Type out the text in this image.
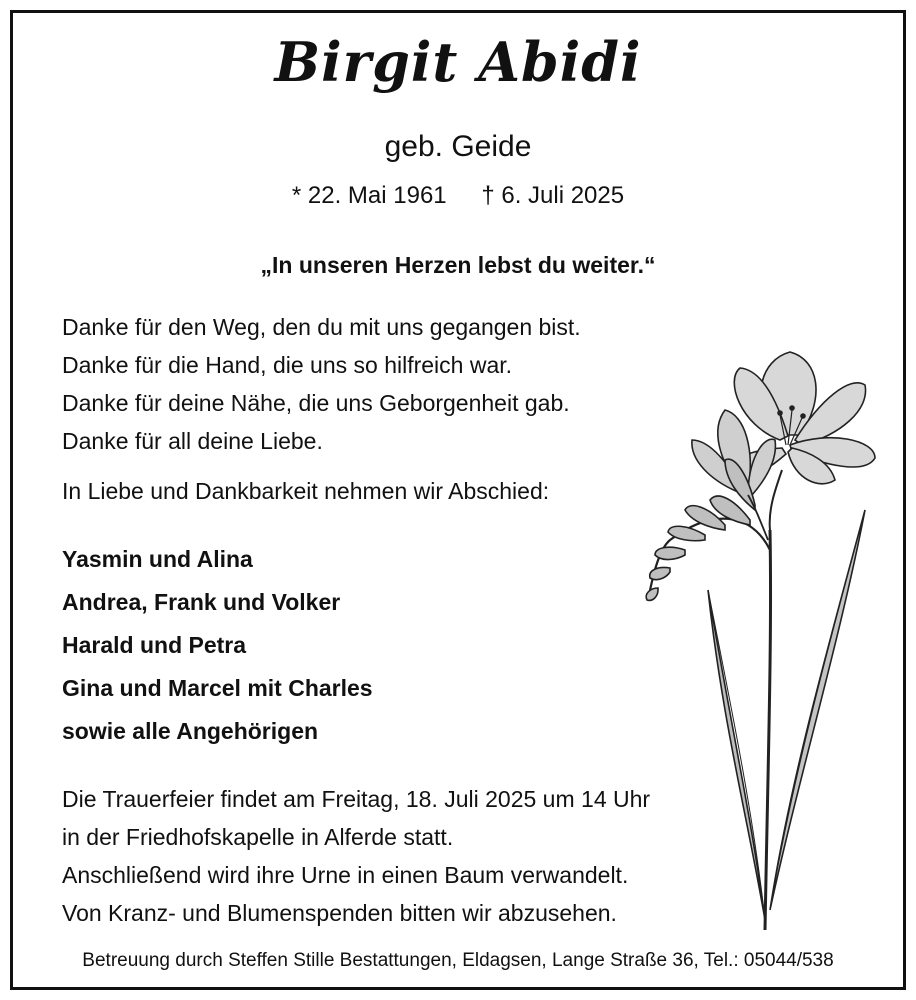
Birgit Abidi
geb. Geide
* 22. Mai 1961 † 6. Juli 2025
„In unseren Herzen lebst du weiter.“
Danke für den Weg, den du mit uns gegangen bist.
Danke für die Hand, die uns so hilfreich war.
Danke für deine Nähe, die uns Geborgenheit gab.
Danke für all deine Liebe.
In Liebe und Dankbarkeit nehmen wir Abschied:
Yasmin und Alina
Andrea, Frank und Volker
Harald und Petra
Gina und Marcel mit Charles
sowie alle Angehörigen
Die Trauerfeier findet am Freitag, 18. Juli 2025 um 14 Uhr
in der Friedhofskapelle in Alferde statt.
Anschließend wird ihre Urne in einen Baum verwandelt.
Von Kranz- und Blumenspenden bitten wir abzusehen.
Betreuung durch Steffen Stille Bestattungen, Eldagsen, Lange Straße 36, Tel.: 05044/538
